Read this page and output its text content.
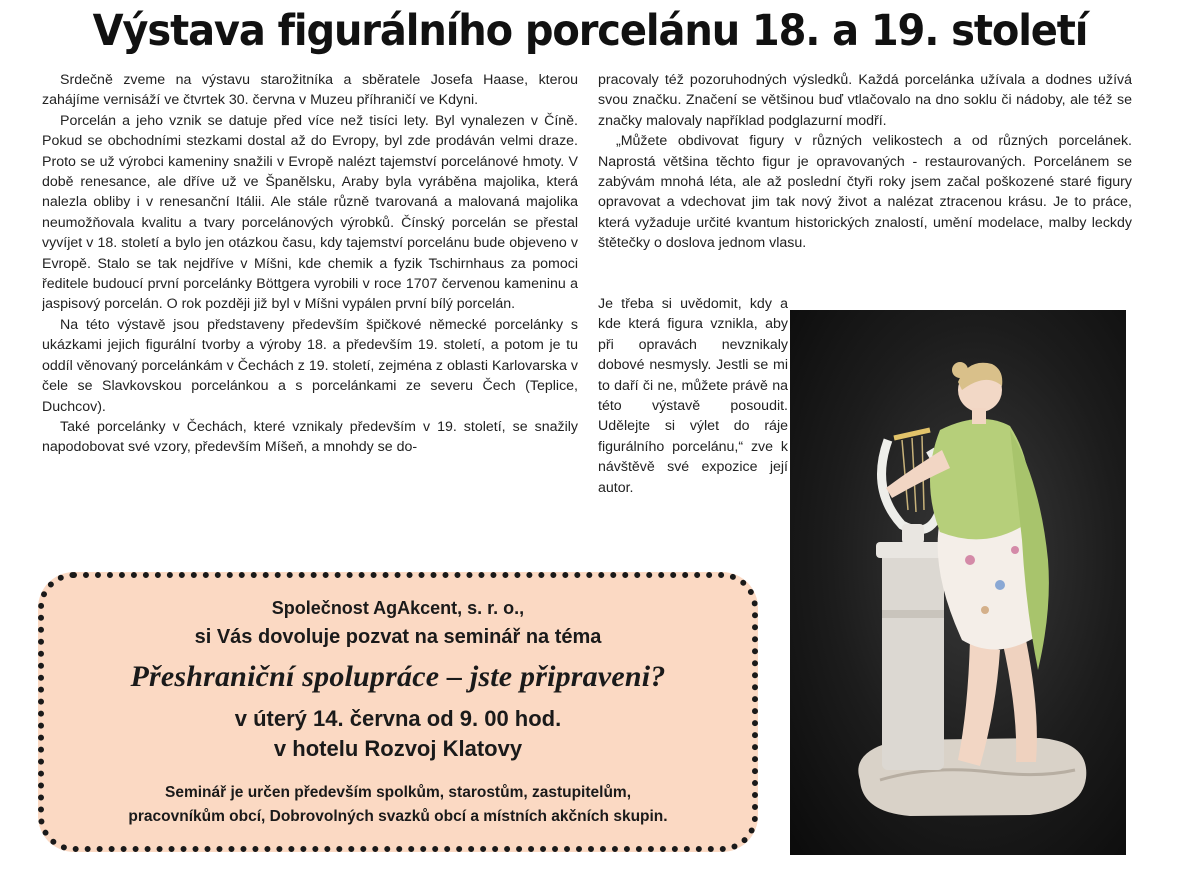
Výstava figurálního porcelánu 18. a 19. století

Srdečně zveme na výstavu starožitníka a sběratele Josefa Haase, kterou zahájíme vernisáží ve čtvrtek 30. června v Muzeu příhraničí ve Kdyni.

Porcelán a jeho vznik se datuje před více než tisíci lety. Byl vynalezen v Číně. Pokud se obchodními stezkami dostal až do Evropy, byl zde prodáván velmi draze. Proto se už výrobci kameniny snažili v Evropě nalézt tajemství porcelánové hmoty. V době renesance, ale dříve už ve Španělsku, Araby byla vyráběna majolika, která nalezla obliby i v renesanční Itálii. Ale stále různě tvarovaná a malovaná majolika neumožňovala kvalitu a tvary porcelánových výrobků. Čínský porcelán se přestal vyvíjet v 18. století a bylo jen otázkou času, kdy tajemství porcelánu bude objeveno v Evropě. Stalo se tak nejdříve v Míšni, kde chemik a fyzik Tschirnhaus za pomoci ředitele budoucí první porcelánky Böttgera vyrobili v roce 1707 červenou kameninu a jaspisový porcelán. O rok později již byl v Míšni vypálen první bílý porcelán.

Na této výstavě jsou představeny především špičkové německé porcelánky s ukázkami jejich figurální tvorby a výroby 18. a především 19. století, a potom je tu oddíl věnovaný porcelánkám v Čechách z 19. století, zejména z oblasti Karlovarska v čele se Slavkovskou porcelánkou a s porcelánkami ze severu Čech (Teplice, Duchcov).

Také porcelánky v Čechách, které vznikaly především v 19. století, se snažily napodobovat své vzory, především Míšeň, a mnohdy se do-

pracovaly též pozoruhodných výsledků. Každá porcelánka užívala a dodnes užívá svou značku. Značení se většinou buď vtlačovalo na dno soklu či nádoby, ale též se značky malovaly například podglazurní modří.

„Můžete obdivovat figury v různých velikostech a od různých porcelánek. Naprostá většina těchto figur je opravovaných - restaurovaných. Porcelánem se zabývám mnohá léta, ale až poslední čtyři roky jsem začal poškozené staré figury opravovat a vdechovat jim tak nový život a nalézat ztracenou krásu. Je to práce, která vyžaduje určité kvantum historických znalostí, umění modelace, malby leckdy štětečky o doslova jednom vlasu.

Je třeba si uvědomit, kdy a kde která figura vznikla, aby při opravách nevznikaly dobové nesmysly. Jestli se mi to daří či ne, můžete právě na této výstavě posoudit. Udělejte si výlet do ráje figurálního porcelánu,“ zve k návštěvě své expozice její autor.

Společnost AgAkcent, s. r. o.,
si Vás dovoluje pozvat na seminář na téma
Přeshraniční spolupráce – jste připraveni?
v úterý 14. června od 9. 00 hod.
v hotelu Rozvoj Klatovy
Seminář je určen především spolkům, starostům, zastupitelům,
pracovníkům obcí, Dobrovolných svazků obcí a místních akčních skupin.
